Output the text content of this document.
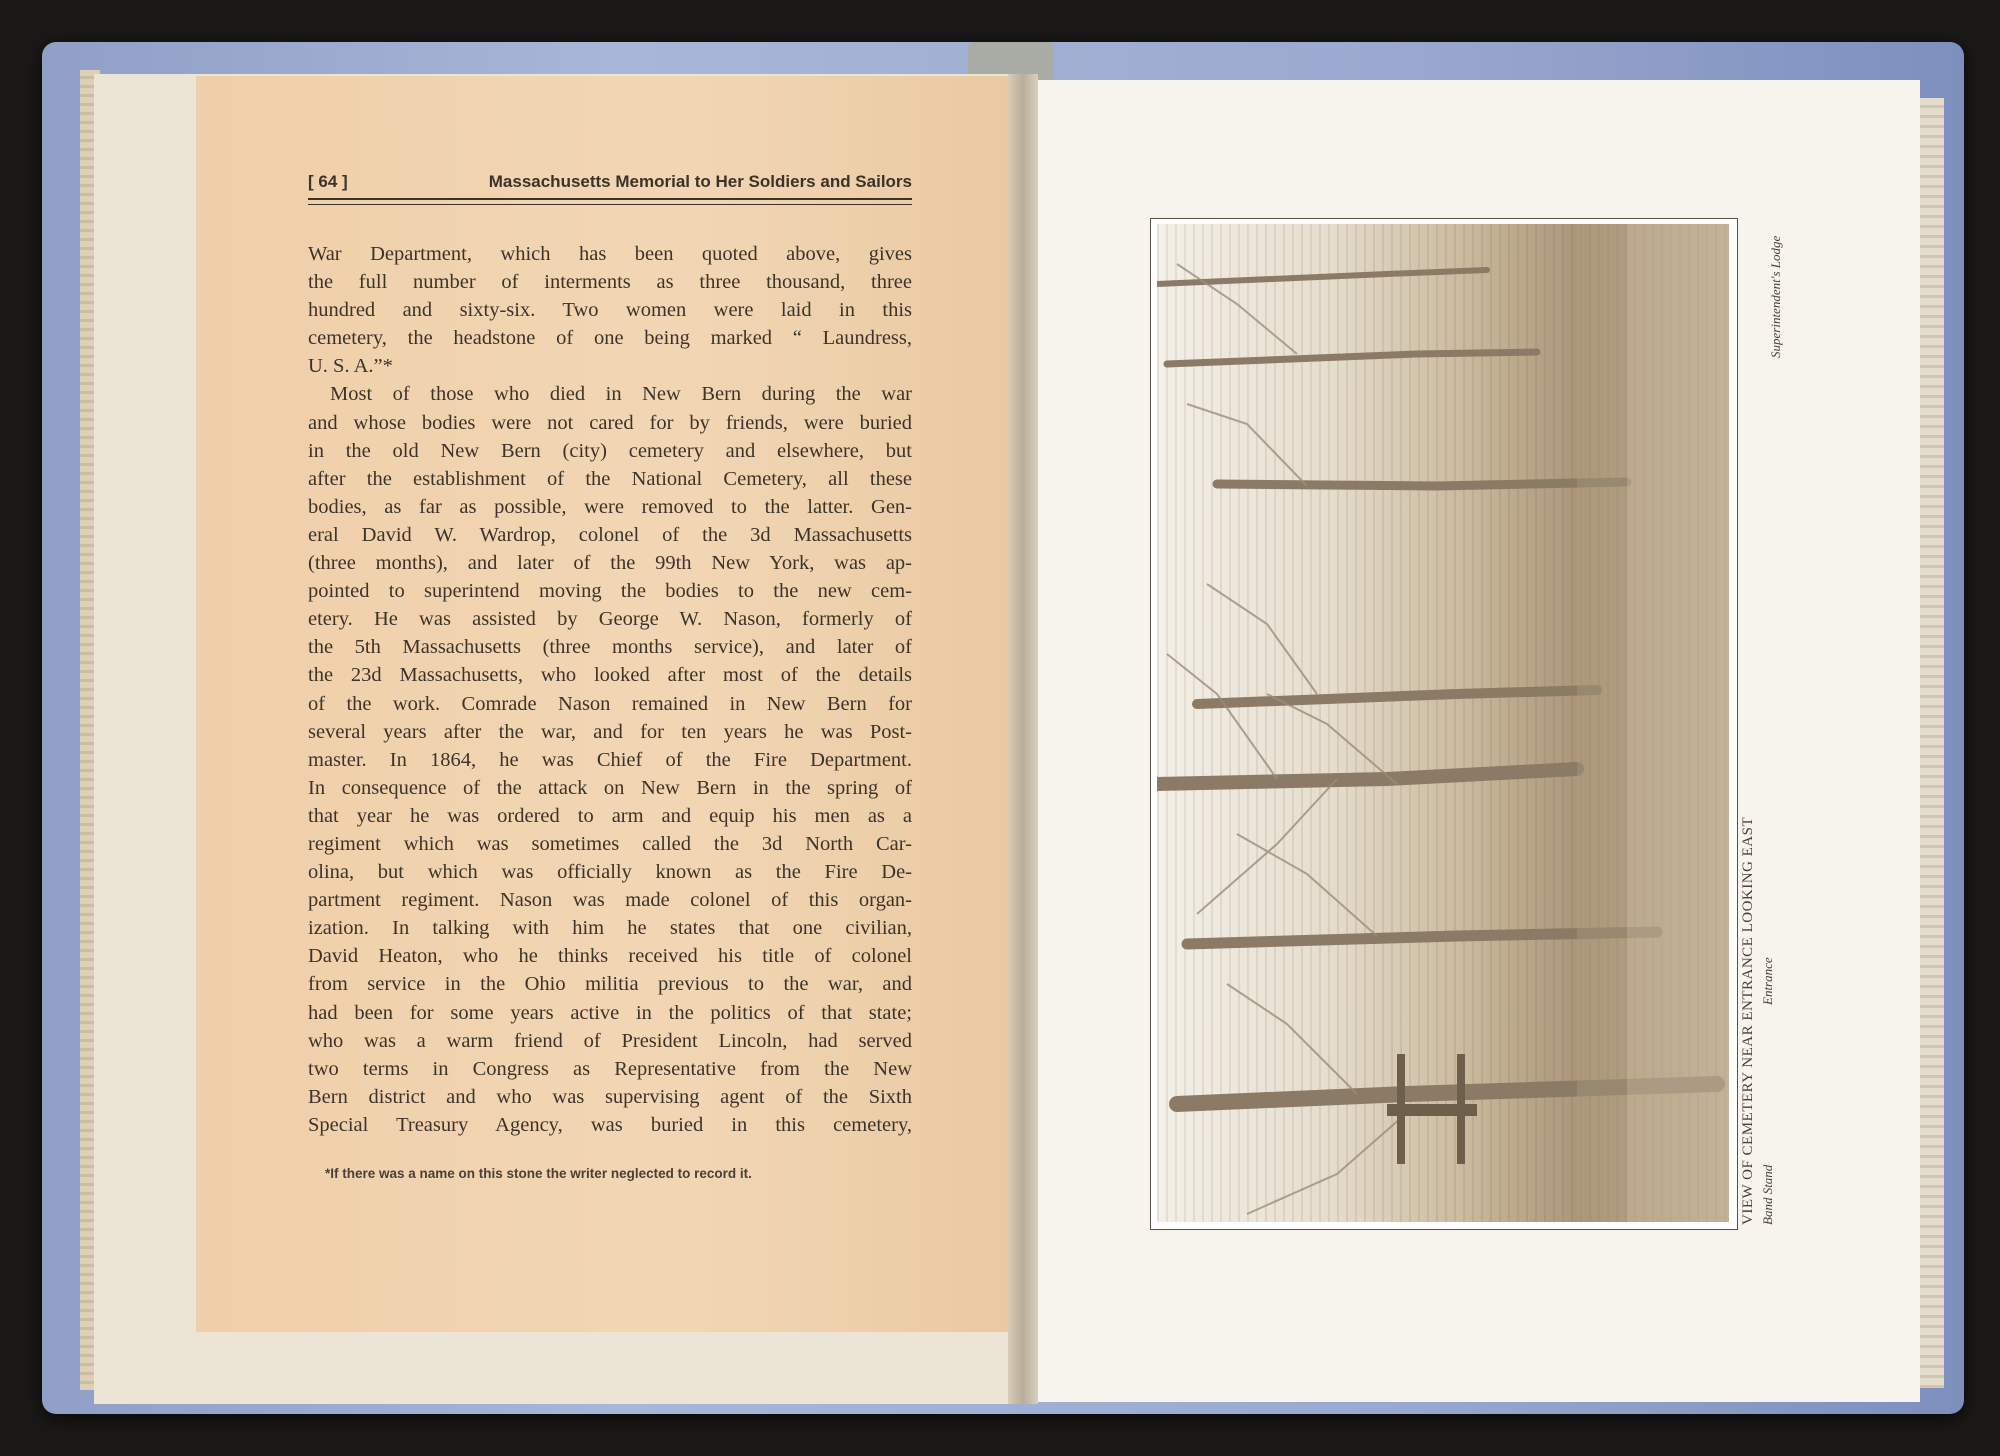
[ 64 ]	Massachusetts Memorial to Her Soldiers and Sailors
War Department, which has been quoted above, gives
the full number of interments as three thousand, three
hundred and sixty-six. Two women were laid in this
cemetery, the headstone of one being marked “ Laundress,
U. S. A.”*
Most of those who died in New Bern during the war
and whose bodies were not cared for by friends, were buried
in the old New Bern (city) cemetery and elsewhere, but
after the establishment of the National Cemetery, all these
bodies, as far as possible, were removed to the latter. Gen-
eral David W. Wardrop, colonel of the 3d Massachusetts
(three months), and later of the 99th New York, was ap-
pointed to superintend moving the bodies to the new cem-
etery. He was assisted by George W. Nason, formerly of
the 5th Massachusetts (three months service), and later of
the 23d Massachusetts, who looked after most of the details
of the work. Comrade Nason remained in New Bern for
several years after the war, and for ten years he was Post-
master. In 1864, he was Chief of the Fire Department.
In consequence of the attack on New Bern in the spring of
that year he was ordered to arm and equip his men as a
regiment which was sometimes called the 3d North Car-
olina, but which was officially known as the Fire De-
partment regiment. Nason was made colonel of this organ-
ization. In talking with him he states that one civilian,
David Heaton, who he thinks received his title of colonel
from service in the Ohio militia previous to the war, and
had been for some years active in the politics of that state;
who was a warm friend of President Lincoln, had served
two terms in Congress as Representative from the New
Bern district and who was supervising agent of the Sixth
Special Treasury Agency, was buried in this cemetery,
*If there was a name on this stone the writer neglected to record it.	VIEW OF CEMETERY NEAR ENTRANCE LOOKING EAST Band Stand
Entrance
Superintendent's Lodge
